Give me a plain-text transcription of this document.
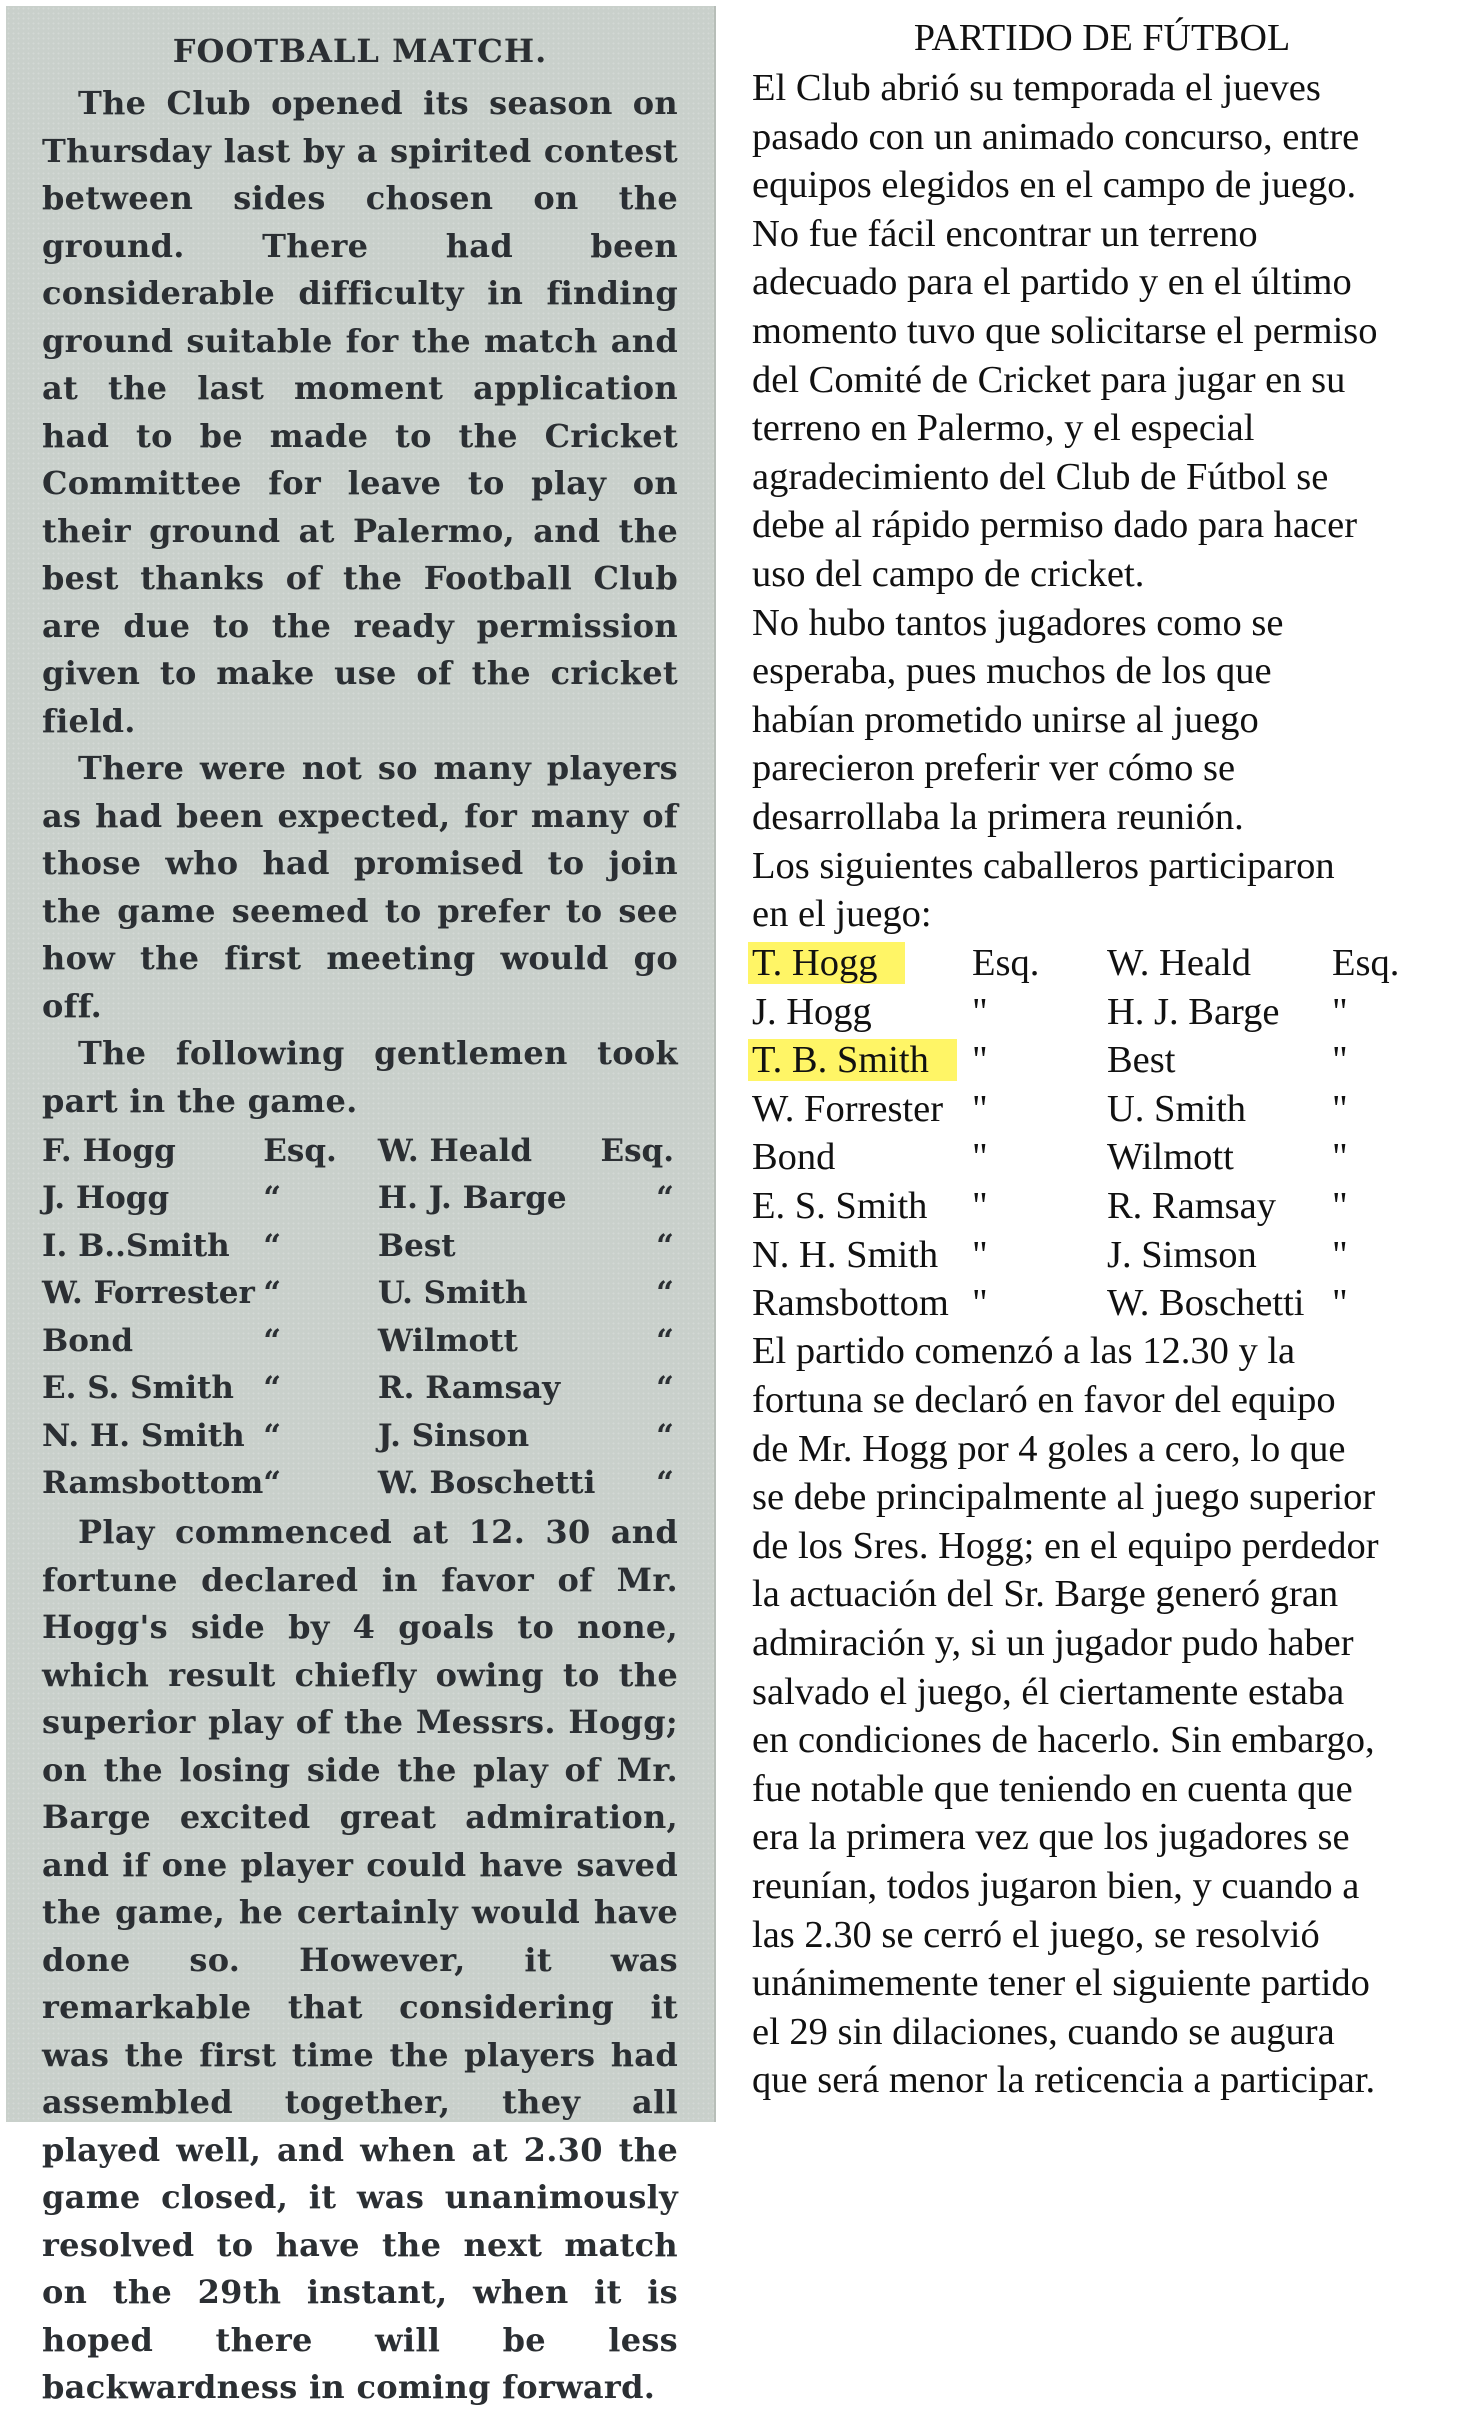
FOOTBALL MATCH.

The Club opened its season on Thursday last by a spirited contest between sides chosen on the ground. There had been considerable difficulty in finding ground suitable for the match and at the last moment application had to be made to the Cricket Committee for leave to play on their ground at Palermo, and the best thanks of the Football Club are due to the ready permission given to make use of the cricket field.

There were not so many players as had been expected, for many of those who had promised to join the game seemed to prefer to see how the first meeting would go off.

The following gentlemen took part in the game.

F. Hogg	Esq.	W. Heald	Esq.
J. Hogg	“	H. J. Barge	“
I. B..Smith	“	Best	“
W. Forrester	“	U. Smith	“
Bond	“	Wilmott	“
E. S. Smith	“	R. Ramsay	“
N. H. Smith	“	J. Sinson	“
Ramsbottom	“	W. Boschetti	“

Play commenced at 12. 30 and fortune declared in favor of Mr. Hogg's side by 4 goals to none, which result chiefly owing to the superior play of the Messrs. Hogg; on the losing side the play of Mr. Barge excited great admiration, and if one player could have saved the game, he certainly would have done so. However, it was remarkable that considering it was the first time the players had assembled together, they all played well, and when at 2.30 the game closed, it was unanimously resolved to have the next match on the 29th instant, when it is hoped there will be less backwardness in coming forward.

PARTIDO DE FÚTBOL
El Club abrió su temporada el jueves
pasado con un animado concurso, entre
equipos elegidos en el campo de juego.
No fue fácil encontrar un terreno
adecuado para el partido y en el último
momento tuvo que solicitarse el permiso
del Comité de Cricket para jugar en su
terreno en Palermo, y el especial
agradecimiento del Club de Fútbol se
debe al rápido permiso dado para hacer
uso del campo de cricket.
No hubo tantos jugadores como se
esperaba, pues muchos de los que
habían prometido unirse al juego
parecieron preferir ver cómo se
desarrollaba la primera reunión.
Los siguientes caballeros participaron
en el juego:
T. Hogg	Esq.	W. Heald	Esq.
J. Hogg	"	H. J. Barge	"
T. B. Smith	"	Best	"
W. Forrester	"	U. Smith	"
Bond	"	Wilmott	"
E. S. Smith	"	R. Ramsay	"
N. H. Smith	"	J. Simson	"
Ramsbottom	"	W. Boschetti	"
El partido comenzó a las 12.30 y la
fortuna se declaró en favor del equipo
de Mr. Hogg por 4 goles a cero, lo que
se debe principalmente al juego superior
de los Sres. Hogg; en el equipo perdedor
la actuación del Sr. Barge generó gran
admiración y, si un jugador pudo haber
salvado el juego, él ciertamente estaba
en condiciones de hacerlo. Sin embargo,
fue notable que teniendo en cuenta que
era la primera vez que los jugadores se
reunían, todos jugaron bien, y cuando a
las 2.30 se cerró el juego, se resolvió
unánimemente tener el siguiente partido
el 29 sin dilaciones, cuando se augura
que será menor la reticencia a participar.
